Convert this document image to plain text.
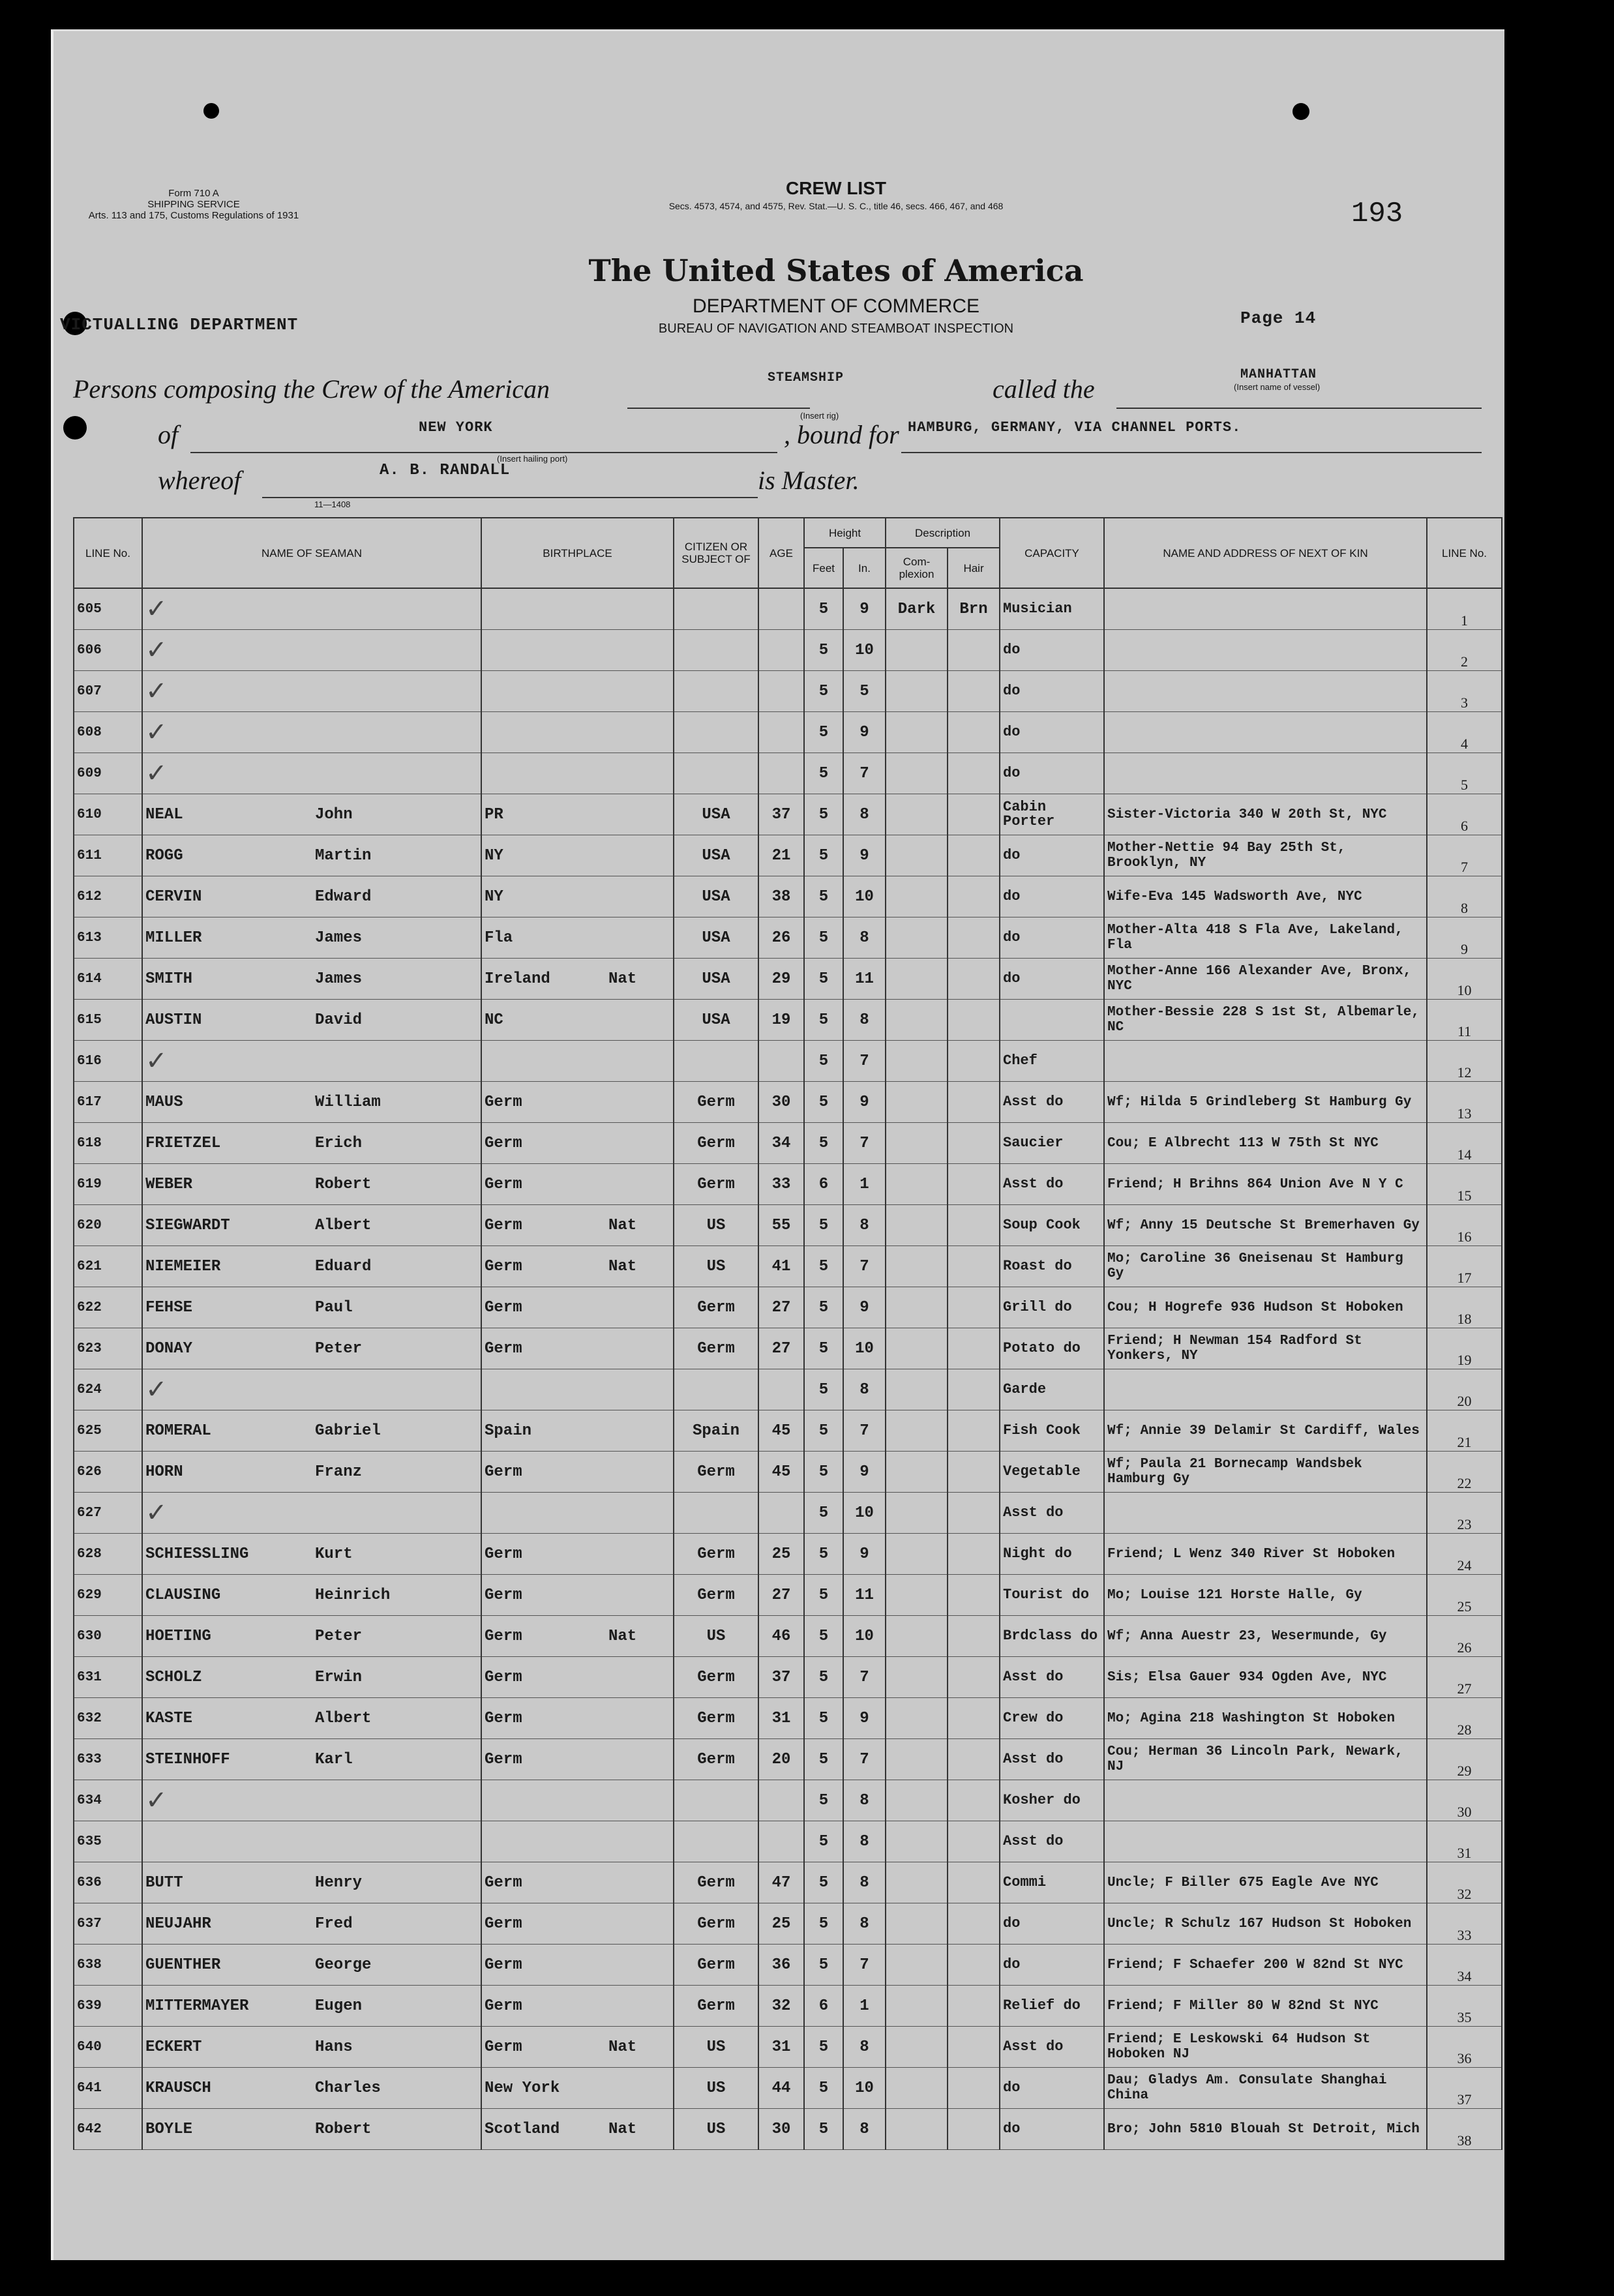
Form 710 A
SHIPPING SERVICE
Arts. 113 and 175, Customs Regulations of 1931
CREW LIST
Secs. 4573, 4574, and 4575, Rev. Stat.—U. S. C., title 46, secs. 466, 467, and 468	193
The United States of America
DEPARTMENT OF COMMERCE
BUREAU OF NAVIGATION AND STEAMBOAT INSPECTION
VICTUALLING DEPARTMENT	Page 14
Persons composing the Crew of the American	STEAMSHIP
(Insert rig)
called the	MANHATTAN
(Insert name of vessel)
of	NEW YORK
(Insert hailing port)
, bound for HAMBURG, GERMANY, VIA CHANNEL PORTS.
whereof	A. B. RANDALL	is Master.
11—1408
LINE No.	NAME OF SEAMAN	BIRTHPLACE	CITIZEN OR SUBJECT OF	AGE	Height		Description		CAPACITY	NAME AND ADDRESS OF NEXT OF KIN	LINE No.
					Feet	In.	Com- plexion	Hair			
605	✓				5	9	Dark	Brn	Musician		1
606	✓				5	10			do		2
607	✓				5	5			do		3
608	✓				5	9			do		4
609	✓				5	7			do		5
610	NEAL John	PR	USA	37	5	8			Cabin Porter	Sister-Victoria 340 W 20th St, NYC	6
611	ROGG Martin	NY	USA	21	5	9			do	Mother-Nettie 94 Bay 25th St, Brooklyn, NY	7
612	CERVIN Edward	NY	USA	38	5	10			do	Wife-Eva 145 Wadsworth Ave, NYC	8
613	MILLER James	Fla	USA	26	5	8			do	Mother-Alta 418 S Fla Ave, Lakeland, Fla	9
614	SMITH James	Ireland Nat	USA	29	5	11			do	Mother-Anne 166 Alexander Ave, Bronx, NYC	10
615	AUSTIN David	NC	USA	19	5	8				Mother-Bessie 228 S 1st St, Albemarle, NC	11
616	✓				5	7			Chef		12
617	MAUS William	Germ	Germ	30	5	9			Asst do	Wf; Hilda 5 Grindleberg St Hamburg Gy	13
618	FRIETZEL Erich	Germ	Germ	34	5	7			Saucier	Cou; E Albrecht 113 W 75th St NYC	14
619	WEBER Robert	Germ	Germ	33	6	1			Asst do	Friend; H Brihns 864 Union Ave N Y C	15
620	SIEGWARDT Albert	Germ Nat	US	55	5	8			Soup Cook	Wf; Anny 15 Deutsche St Bremerhaven Gy	16
621	NIEMEIER Eduard	Germ Nat	US	41	5	7			Roast do	Mo; Caroline 36 Gneisenau St Hamburg Gy	17
622	FEHSE Paul	Germ	Germ	27	5	9			Grill do	Cou; H Hogrefe 936 Hudson St Hoboken	18
623	DONAY Peter	Germ	Germ	27	5	10			Potato do	Friend; H Newman 154 Radford St Yonkers, NY	19
624	✓				5	8			Garde		20
625	ROMERAL Gabriel	Spain	Spain	45	5	7			Fish Cook	Wf; Annie 39 Delamir St Cardiff, Wales	21
626	HORN Franz	Germ	Germ	45	5	9			Vegetable	Wf; Paula 21 Bornecamp Wandsbek Hamburg Gy	22
627	✓				5	10			Asst do		23
628	SCHIESSLING Kurt	Germ	Germ	25	5	9			Night do	Friend; L Wenz 340 River St Hoboken	24
629	CLAUSING Heinrich	Germ	Germ	27	5	11			Tourist do	Mo; Louise 121 Horste Halle, Gy	25
630	HOETING Peter	Germ Nat	US	46	5	10			Brdclass do	Wf; Anna Auestr 23, Wesermunde, Gy	26
631	SCHOLZ Erwin	Germ	Germ	37	5	7			Asst do	Sis; Elsa Gauer 934 Ogden Ave, NYC	27
632	KASTE Albert	Germ	Germ	31	5	9			Crew do	Mo; Agina 218 Washington St Hoboken	28
633	STEINHOFF Karl	Germ	Germ	20	5	7			Asst do	Cou; Herman 36 Lincoln Park, Newark, NJ	29
634	✓				5	8			Kosher do		30
635					5	8			Asst do		31
636	BUTT Henry	Germ	Germ	47	5	8			Commi	Uncle; F Biller 675 Eagle Ave NYC	32
637	NEUJAHR Fred	Germ	Germ	25	5	8			do	Uncle; R Schulz 167 Hudson St Hoboken	33
638	GUENTHER George	Germ	Germ	36	5	7			do	Friend; F Schaefer 200 W 82nd St NYC	34
639	MITTERMAYER Eugen	Germ	Germ	32	6	1			Relief do	Friend; F Miller 80 W 82nd St NYC	35
640	ECKERT Hans	Germ Nat	US	31	5	8			Asst do	Friend; E Leskowski 64 Hudson St Hoboken NJ	36
641	KRAUSCH Charles	New York	US	44	5	10			do	Dau; Gladys Am. Consulate Shanghai China	37
642	BOYLE Robert	Scotland Nat	US	30	5	8			do	Bro; John 5810 Blouah St Detroit, Mich	38
